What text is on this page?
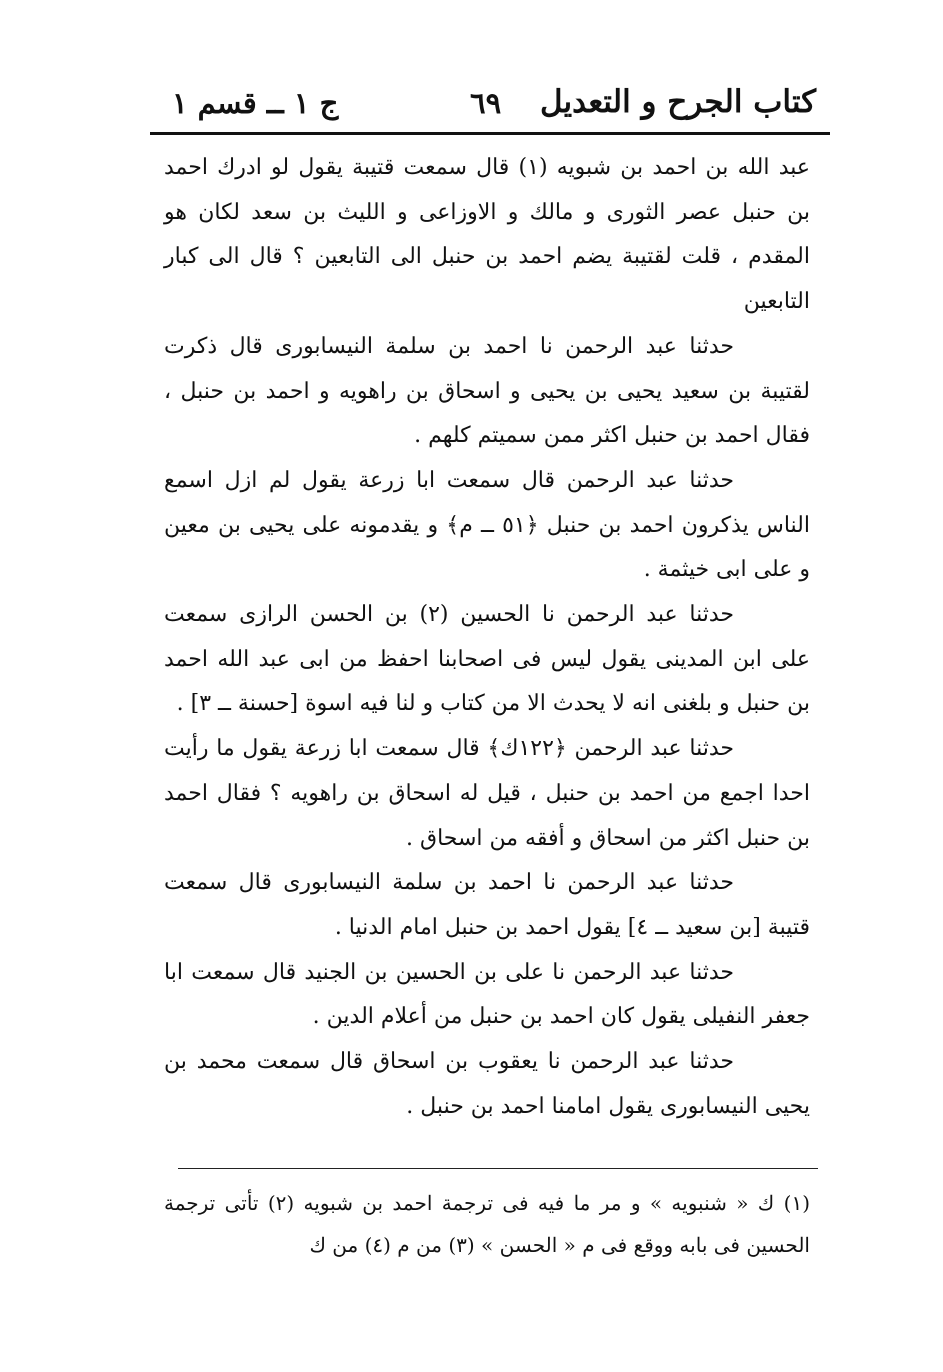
كتاب الجرح و التعديل
٦٩
ج ١ ــ قسم ١

عبد الله بن احمد بن شبويه (١) قال سمعت قتيبة يقول لو ادرك احمد بن حنبل عصر الثورى و مالك و الاوزاعى و الليث بن سعد لكان هو المقدم ، قلت لقتيبة يضم احمد بن حنبل الى التابعين ؟ قال الى كبار التابعين

حدثنا عبد الرحمن نا احمد بن سلمة النيسابورى قال ذكرت لقتيبة بن سعيد يحيى بن يحيى و اسحاق بن راهويه و احمد بن حنبل ، فقال احمد بن حنبل اكثر ممن سميتم كلهم .

حدثنا عبد الرحمن قال سمعت ابا زرعة يقول لم ازل اسمع الناس يذكرون احمد بن حنبل ﴿٥١ ــ م﴾ و يقدمونه على يحيى بن معين و على ابى خيثمة .

حدثنا عبد الرحمن نا الحسين (٢) بن الحسن الرازى سمعت على ابن المدينى يقول ليس فى اصحابنا احفظ من ابى عبد الله احمد بن حنبل و بلغنى انه لا يحدث الا من كتاب و لنا فيه اسوة [حسنة ــ ٣] .

حدثنا عبد الرحمن ﴿١٢٢ك﴾ قال سمعت ابا زرعة يقول ما رأيت احدا اجمع من احمد بن حنبل ، قيل له اسحاق بن راهويه ؟ فقال احمد بن حنبل اكثر من اسحاق و أفقه من اسحاق .

حدثنا عبد الرحمن نا احمد بن سلمة النيسابورى قال سمعت قتيبة [بن سعيد ــ ٤] يقول احمد بن حنبل امام الدنيا .

حدثنا عبد الرحمن نا على بن الحسين بن الجنيد قال سمعت ابا جعفر النفيلى يقول كان احمد بن حنبل من أعلام الدين .

حدثنا عبد الرحمن نا يعقوب بن اسحاق قال سمعت محمد بن يحيى النيسابورى يقول امامنا احمد بن حنبل .

(١) ك « شنبويه » و مر ما فيه فى ترجمة احمد بن شبويه (٢) تأتى ترجمة الحسين فى بابه ووقع فى م « الحسن » (٣) من م (٤) من ك
